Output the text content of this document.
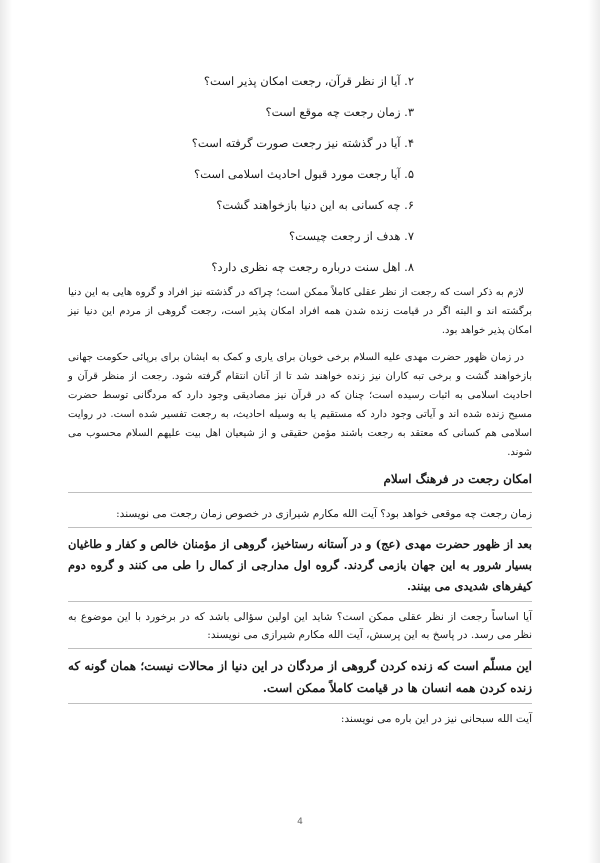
۲. آیا از نظر قرآن، رجعت امکان پذیر است؟
۳. زمان رجعت چه موقع است؟
۴. آیا در گذشته نیز رجعت صورت گرفته است؟
۵. آیا رجعت مورد قبول احادیث اسلامی است؟
۶. چه کسانی به این دنیا بازخواهند گشت؟
۷. هدف از رجعت چیست؟
۸. اهل سنت درباره رجعت چه نظری دارد؟

لازم به ذکر است که رجعت از نظر عقلی کاملاً ممکن است؛ چراکه در گذشته نیز افراد و گروه هایی به این دنیا برگشته اند و البته اگر در قیامت زنده شدن همه افراد امکان پذیر است، رجعت گروهی از مردم این دنیا نیز امکان پذیر خواهد بود.

در زمان ظهور حضرت مهدی علیه السلام برخی خوبان برای یاری و کمک به ایشان برای برپائی حکومت جهانی بازخواهند گشت و برخی تبه کاران نیز زنده خواهند شد تا از آنان انتقام گرفته شود. رجعت از منظر قرآن و احادیث اسلامی به اثبات رسیده است؛ چنان که در قرآن نیز مصادیقی وجود دارد که مردگانی توسط حضرت مسیح زنده شده اند و آیاتی وجود دارد که مستقیم یا به وسیله احادیث، به رجعت تفسیر شده است. در روایت اسلامی هم کسانی که معتقد به رجعت باشند مؤمن حقیقی و از شیعیان اهل بیت علیهم السلام محسوب می شوند.

امکان رجعت در فرهنگ اسلام
زمان رجعت چه موقعی خواهد بود؟ آیت الله مکارم شیرازی در خصوص زمان رجعت می نویسند:
بعد از ظهور حضرت مهدی (عج) و در آستانه رستاخیز، گروهی از مؤمنان خالص و کفار و طاغیان بسیار شرور به این جهان بازمی گردند. گروه اول مدارجی از کمال را طی می کنند و گروه دوم کیفرهای شدیدی می بینند.
آیا اساساً رجعت از نظر عقلی ممکن است؟ شاید این اولین سؤالی باشد که در برخورد با این موضوع به نظر می رسد. در پاسخ به این پرسش، آیت الله مکارم شیرازی می نویسند:
این مسلّم است که زنده کردن گروهی از مردگان در این دنیا از محالات نیست؛ همان گونه که زنده کردن همه انسان ها در قیامت کاملاً ممکن است.
آیت الله سبحانی نیز در این باره می نویسند:
4
